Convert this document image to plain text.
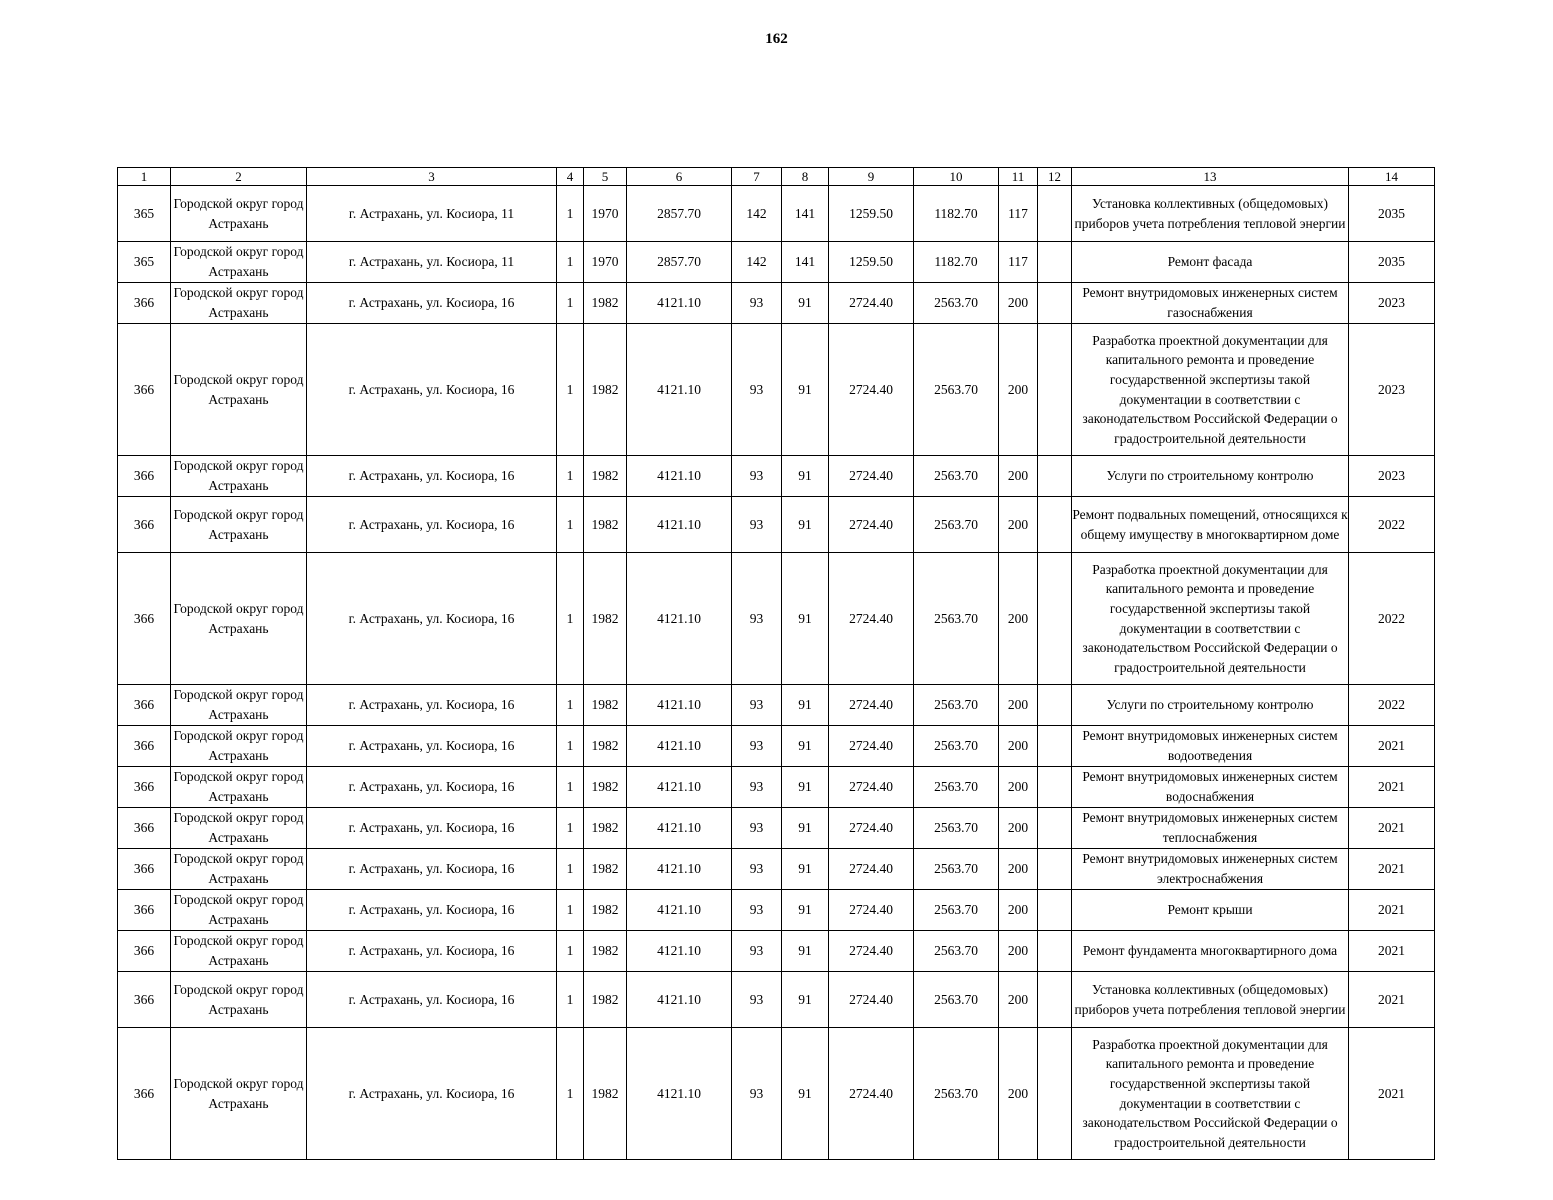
162
1	2	3	4	5	6	7	8	9	10	11	12	13	14
365	Городской округ город Астрахань	г. Астрахань, ул. Косиора, 11	1	1970	2857.70	142	141	1259.50	1182.70	117		Установка коллективных (общедомовых) приборов учета потребления тепловой энергии	2035
365	Городской округ город Астрахань	г. Астрахань, ул. Косиора, 11	1	1970	2857.70	142	141	1259.50	1182.70	117		Ремонт фасада	2035
366	Городской округ город Астрахань	г. Астрахань, ул. Косиора, 16	1	1982	4121.10	93	91	2724.40	2563.70	200		Ремонт внутридомовых инженерных систем газоснабжения	2023
366	Городской округ город Астрахань	г. Астрахань, ул. Косиора, 16	1	1982	4121.10	93	91	2724.40	2563.70	200		Разработка проектной документации для капитального ремонта и проведение государственной экспертизы такой документации в соответствии с законодательством Российской Федерации о градостроительной деятельности	2023
366	Городской округ город Астрахань	г. Астрахань, ул. Косиора, 16	1	1982	4121.10	93	91	2724.40	2563.70	200		Услуги по строительному контролю	2023
366	Городской округ город Астрахань	г. Астрахань, ул. Косиора, 16	1	1982	4121.10	93	91	2724.40	2563.70	200		Ремонт подвальных помещений, относящихся к общему имуществу в многоквартирном доме	2022
366	Городской округ город Астрахань	г. Астрахань, ул. Косиора, 16	1	1982	4121.10	93	91	2724.40	2563.70	200		Разработка проектной документации для капитального ремонта и проведение государственной экспертизы такой документации в соответствии с законодательством Российской Федерации о градостроительной деятельности	2022
366	Городской округ город Астрахань	г. Астрахань, ул. Косиора, 16	1	1982	4121.10	93	91	2724.40	2563.70	200		Услуги по строительному контролю	2022
366	Городской округ город Астрахань	г. Астрахань, ул. Косиора, 16	1	1982	4121.10	93	91	2724.40	2563.70	200		Ремонт внутридомовых инженерных систем водоотведения	2021
366	Городской округ город Астрахань	г. Астрахань, ул. Косиора, 16	1	1982	4121.10	93	91	2724.40	2563.70	200		Ремонт внутридомовых инженерных систем водоснабжения	2021
366	Городской округ город Астрахань	г. Астрахань, ул. Косиора, 16	1	1982	4121.10	93	91	2724.40	2563.70	200		Ремонт внутридомовых инженерных систем теплоснабжения	2021
366	Городской округ город Астрахань	г. Астрахань, ул. Косиора, 16	1	1982	4121.10	93	91	2724.40	2563.70	200		Ремонт внутридомовых инженерных систем электроснабжения	2021
366	Городской округ город Астрахань	г. Астрахань, ул. Косиора, 16	1	1982	4121.10	93	91	2724.40	2563.70	200		Ремонт крыши	2021
366	Городской округ город Астрахань	г. Астрахань, ул. Косиора, 16	1	1982	4121.10	93	91	2724.40	2563.70	200		Ремонт фундамента многоквартирного дома	2021
366	Городской округ город Астрахань	г. Астрахань, ул. Косиора, 16	1	1982	4121.10	93	91	2724.40	2563.70	200		Установка коллективных (общедомовых) приборов учета потребления тепловой энергии	2021
366	Городской округ город Астрахань	г. Астрахань, ул. Косиора, 16	1	1982	4121.10	93	91	2724.40	2563.70	200		Разработка проектной документации для капитального ремонта и проведение государственной экспертизы такой документации в соответствии с законодательством Российской Федерации о градостроительной деятельности	2021
